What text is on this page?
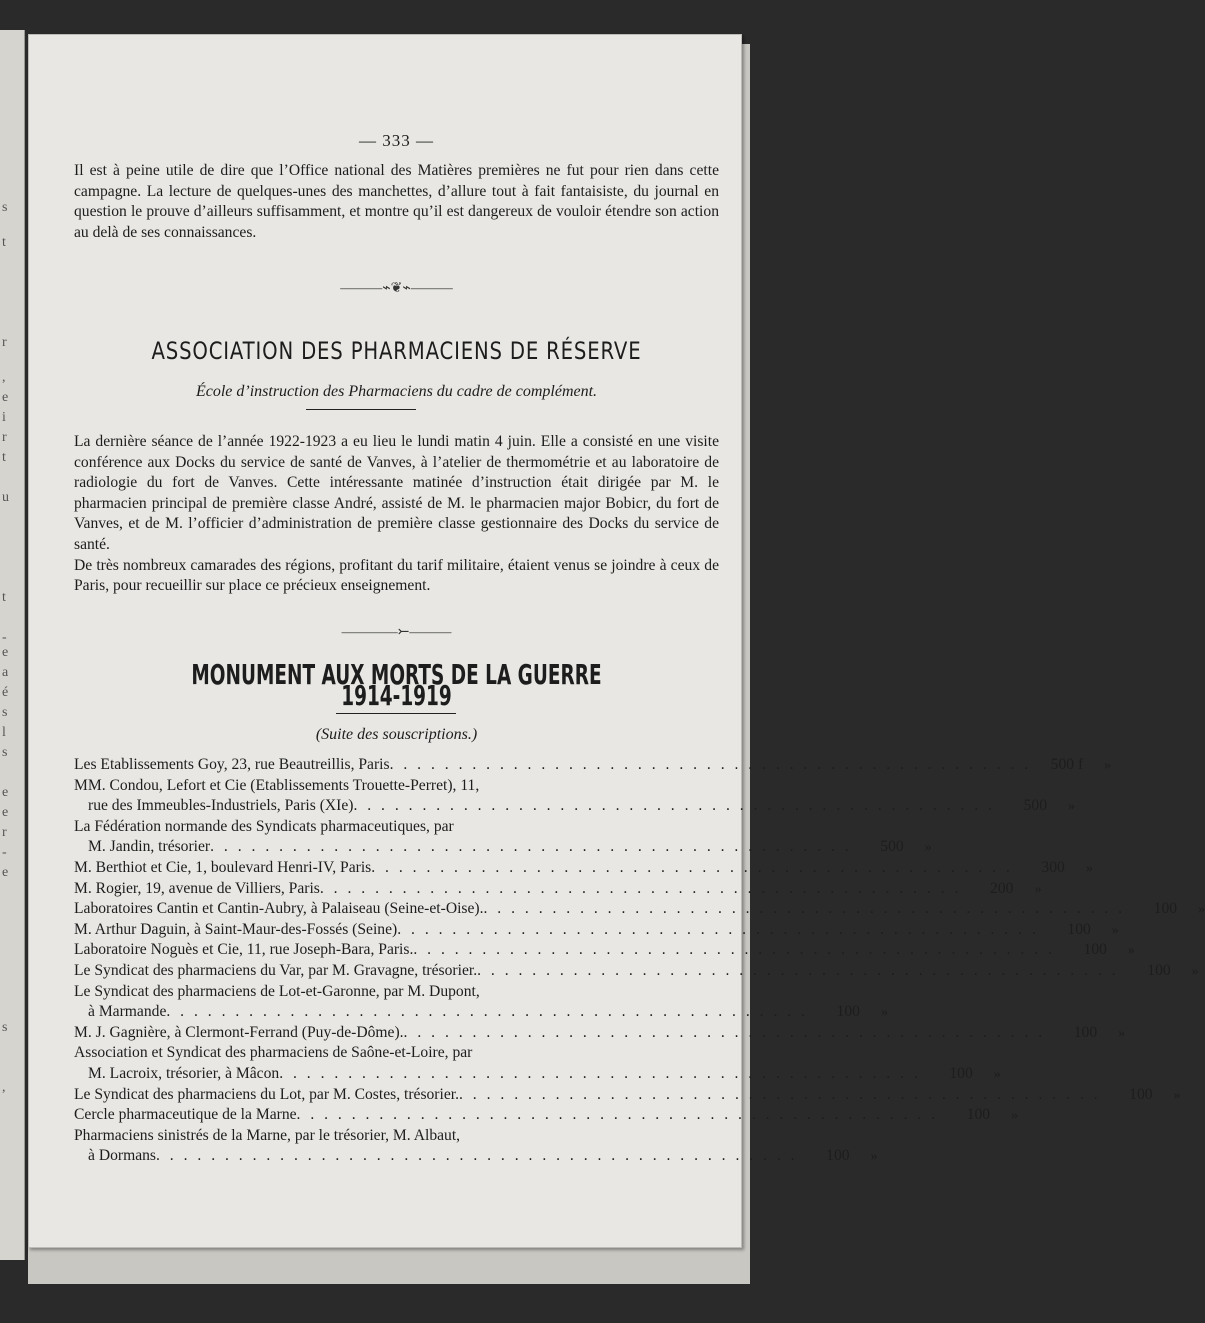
s
t
r
,
e
i
r
t
u
t
-
e
a
é
s
l
s
e
e
r
-
e
s
,
— 333 —

Il est à peine utile de dire que l’Office national des Matières premières ne fut pour rien dans cette campagne. La lecture de quelques-unes des manchettes, d’allure tout à fait fantaisiste, du journal en question le prouve d’ailleurs suffisamment, et montre qu’il est dangereux de vouloir étendre son action au delà de ses connaissances.

———⌁❦⌁———
ASSOCIATION DES PHARMACIENS DE RÉSERVE
École d’instruction des Pharmaciens du cadre de complément.

La dernière séance de l’année 1922-1923 a eu lieu le lundi matin 4 juin. Elle a consisté en une visite conférence aux Docks du service de santé de Vanves, à l’atelier de thermométrie et au laboratoire de radiologie du fort de Vanves. Cette intéressante matinée d’instruction était dirigée par M. le pharmacien principal de première classe André, assisté de M. le pharmacien major Bobicr, du fort de Vanves, et de M. l’officier d’administration de première classe gestionnaire des Docks du service de santé.

De très nombreux camarades des régions, profitant du tarif militaire, étaient venus se joindre à ceux de Paris, pour recueillir sur place ce précieux enseignement.

————⤚———
MONUMENT AUX MORTS DE LA GUERRE 1914-1919
(Suite des souscriptions.)
Les Etablissements Goy, 23, rue Beautreillis, Paris . . .	500 f	»
MM. Condou, Lefort et Cie (Etablissements Trouette-Perret), 11,
rue des Immeubles-Industriels, Paris (XIe) . . .	500	»
La Fédération normande des Syndicats pharmaceutiques, par
M. Jandin, trésorier . . .	500	»
M. Berthiot et Cie, 1, boulevard Henri-IV, Paris . . .	300	»
M. Rogier, 19, avenue de Villiers, Paris . . .	200	»
Laboratoires Cantin et Cantin-Aubry, à Palaiseau (Seine-et-Oise). . . .	100	»
M. Arthur Daguin, à Saint-Maur-des-Fossés (Seine) . . .	100	»
Laboratoire Noguès et Cie, 11, rue Joseph-Bara, Paris. . . .	100	»
Le Syndicat des pharmaciens du Var, par M. Gravagne, trésorier. . . .	100	»
Le Syndicat des pharmaciens de Lot-et-Garonne, par M. Dupont,
à Marmande . . .	100	»
M. J. Gagnière, à Clermont-Ferrand (Puy-de-Dôme). . . .	100	»
Association et Syndicat des pharmaciens de Saône-et-Loire, par
M. Lacroix, trésorier, à Mâcon . . .	100	»
Le Syndicat des pharmaciens du Lot, par M. Costes, trésorier. . . .	100	»
Cercle pharmaceutique de la Marne . . .	100	»
Pharmaciens sinistrés de la Marne, par le trésorier, M. Albaut,
à Dormans . . .	100	»
